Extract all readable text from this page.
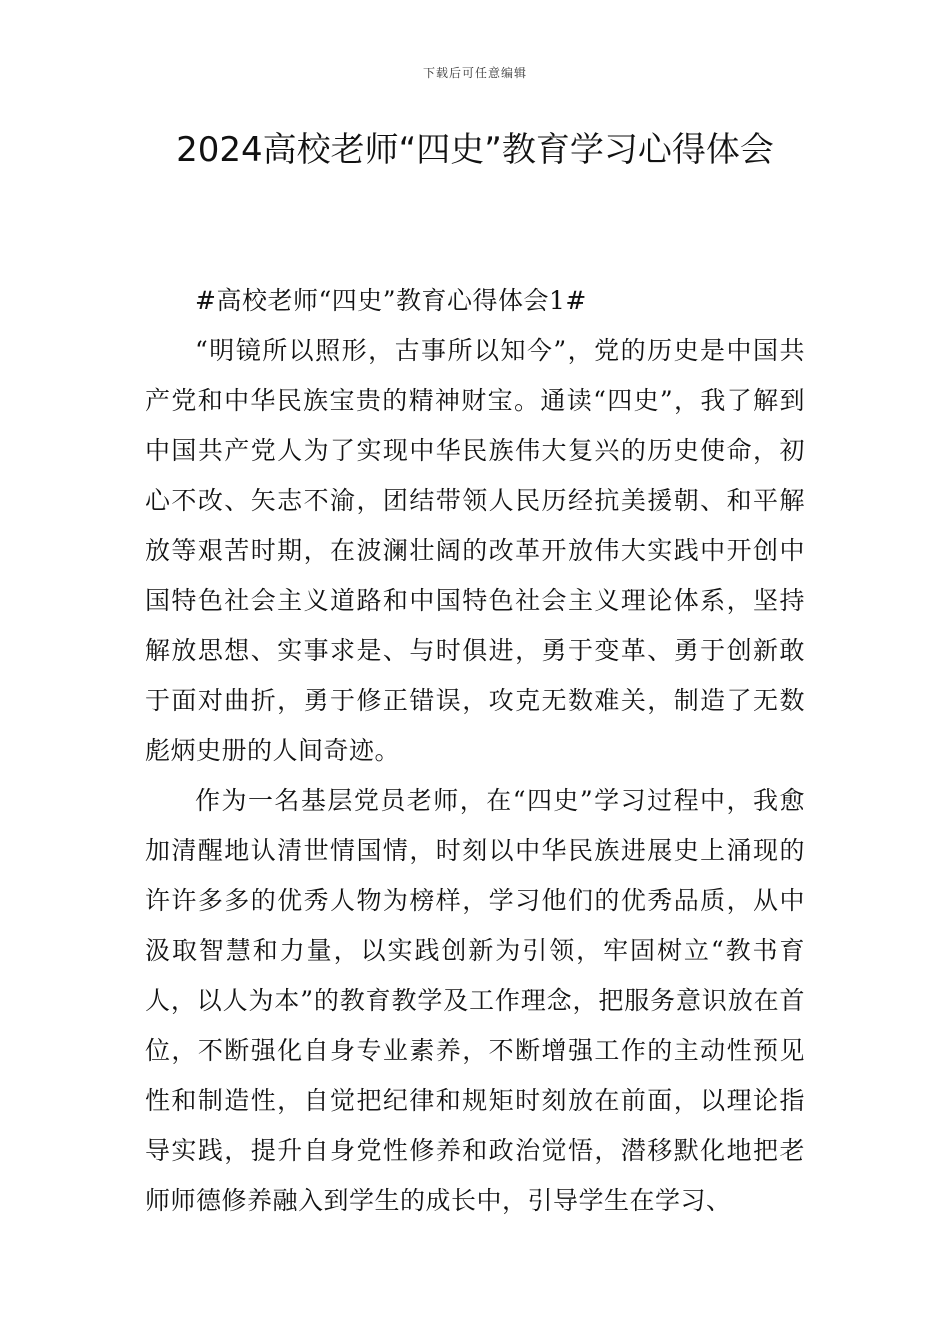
下载后可任意编辑
2024高校老师“四史”教育学习心得体会

#高校老师“四史”教育心得体会1#

“明镜所以照形，古事所以知今”，党的历史是中国共产党和中华民族宝贵的精神财宝。通读“四史”，我了解到中国共产党人为了实现中华民族伟大复兴的历史使命，初心不改、矢志不渝，团结带领人民历经抗美援朝、和平解放等艰苦时期，在波澜壮阔的改革开放伟大实践中开创中国特色社会主义道路和中国特色社会主义理论体系，坚持解放思想、实事求是、与时俱进，勇于变革、勇于创新敢于面对曲折，勇于修正错误，攻克无数难关，制造了无数彪炳史册的人间奇迹。

作为一名基层党员老师，在“四史”学习过程中，我愈加清醒地认清世情国情，时刻以中华民族进展史上涌现的许许多多的优秀人物为榜样，学习他们的优秀品质，从中汲取智慧和力量，以实践创新为引领，牢固树立“教书育人，以人为本”的教育教学及工作理念，把服务意识放在首位，不断强化自身专业素养，不断增强工作的主动性预见性和制造性，自觉把纪律和规矩时刻放在前面，以理论指导实践，提升自身党性修养和政治觉悟，潜移默化地把老师师德修养融入到学生的成长中，引导学生在学习、
